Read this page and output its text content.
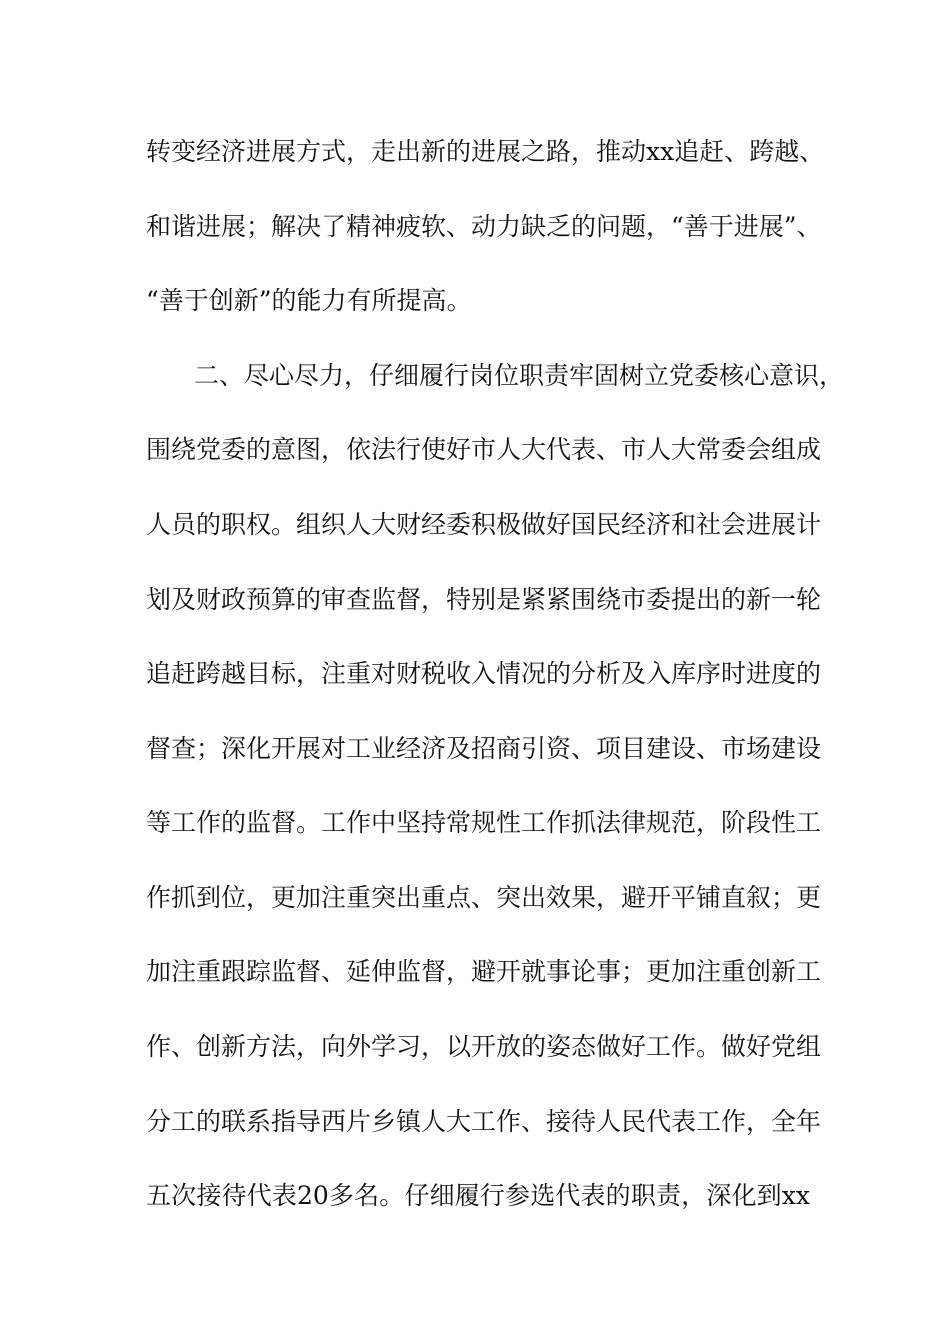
转变经济进展方式，走出新的进展之路，推动xx追赶、跨越、
和谐进展；解决了精神疲软、动力缺乏的问题，“善于进展”、
“善于创新”的能力有所提高。
二、尽心尽力，仔细履行岗位职责牢固树立党委核心意识，
围绕党委的意图，依法行使好市人大代表、市人大常委会组成
人员的职权。组织人大财经委积极做好国民经济和社会进展计
划及财政预算的审查监督，特别是紧紧围绕市委提出的新一轮
追赶跨越目标，注重对财税收入情况的分析及入库序时进度的
督查；深化开展对工业经济及招商引资、项目建设、市场建设
等工作的监督。工作中坚持常规性工作抓法律规范，阶段性工
作抓到位，更加注重突出重点、突出效果，避开平铺直叙；更
加注重跟踪监督、延伸监督，避开就事论事；更加注重创新工
作、创新方法，向外学习，以开放的姿态做好工作。做好党组
分工的联系指导西片乡镇人大工作、接待人民代表工作，全年
五次接待代表20多名。仔细履行参选代表的职责，深化到xx
